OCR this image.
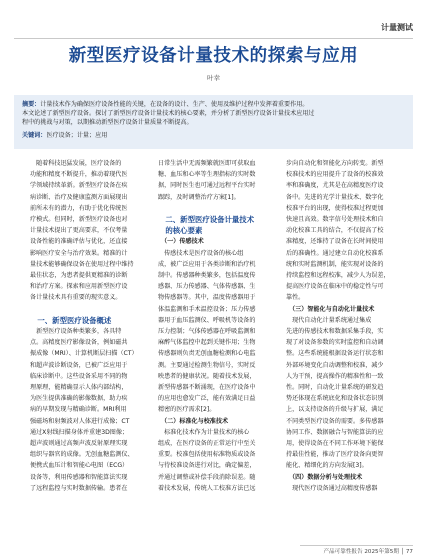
计量测试
新型医疗设备计量技术的探索与应用
叶幸
摘要：计量技术作为确保医疗设备性能的关键，在设备的设计、生产、使用及维护过程中发挥着重要作用。
本文论述了新型医疗设备。探讨了新型医疗设备计量技术的核心要素，并分析了新型医疗设备计量技术应用过
程中的挑战与对策，以期推动新型医疗设备计量质量不断提高。
关键词：医疗设备；计量；应用
　随着科技迅猛发展，医疗设备的
功能和精度不断提升，推动着现代医
学领域持续革新。新型医疗设备在疾
病诊断、治疗及健康监测方面展现出
前所未有的潜力，有助于优化传统医
疗模式。但同时，新型医疗设备也对
计量技术提出了更高要求，不仅考量
设备性能的准确评估与优化，还直接
影响医疗安全与治疗效果。精准的计
量技术能够确保设备在使用过程中维持
最佳状态，为患者提供更精准的诊断
和治疗方案。探索和应用新型医疗设
备计量技术具有重要的现实意义。

　一、新型医疗设备概述
　新型医疗设备种类繁多，各具特
点。高精度医疗影像设备，例如磁共
振成像（MRI）、计算机断层扫描（CT）
和超声波诊断设备，已被广泛应用于
临床诊断中。这些设备采用不同的物
理原理，能精确显示人体内部结构，
为医生提供准确的影像数据，助力疾
病的早期发现与精确诊断。MRI利用
强磁场和射频波对人体进行成像；CT
通过X射线扫描身体并重建3D图像；
超声波则通过高频声波反射原理实现
组织与器官的成像。无创血糖监测仪、
便携式血压计和智能心电图（ECG）
设备等，利用传感器和智能算法实现
了远程监控与实时数据传输。患者在
日常生活中无需频繁就医即可获取血
糖、血压和心率等生理指标的实时数
据，同时医生也可通过远程平台实时
跟踪，及时调整治疗方案[1]。

　二、新型医疗设备计量技术
　的核心要素
　（一）传感技术
　传感技术是医疗设备的核心组
成，被广泛应用于各类诊断和治疗机
制中。传感器种类繁多，包括温度传
感器、压力传感器、气体传感器、生
物传感器等。其中，温度传感器用于
体温监测和手术温控设备；压力传感
器用于血压监测仪、呼吸机等设备的
压力控制；气体传感器在呼吸监测和
麻醉气体监控中起到关键作用；生物
传感器则负责无创血糖检测和心电监
测。主要通过检测生物信号，实时反
映患者的健康状况。随着技术发展，
新型传感器不断涌现，在医疗设备中
的应用也愈发广泛，能有效满足日益
精密的医疗需求[2]。
　（二）标准化与校准技术
　标准化技术作为计量技术的核心
组成，在医疗设备的正常运行中至关
重要。校准包括使用标准物质或设备
与待校准设备进行对比，确定偏差，
并通过调整或补偿手段消除误差。随
着技术发展，传统人工校准方法已远
步向自动化和智能化方向转变。新型
校准技术的应用提升了设备的校准效
率和准确度，尤其是在高精度医疗设
备中。先进的光学计量技术、数字化
校准平台的出现，使得校准过程更加
快速且高效。数字信号处理技术和自
动化校准工具的结合，不仅提高了校
准精度，还维持了设备在长时间使用
后的准确性。通过建立自动化校准系
统和实时监测机制，能实现对设备的
持续监控和远程校准，减少人为误差，
提高医疗设备在临床中的稳定性与可
靠性。
　（三）智能化与自动化计量技术
　现代自动化计量系统通过集成
先进的传感技术和数据采集手段，实
现了对设备参数的实时监控和自动调
整。这些系统能根据设备运行状态和
外部环境变化自动调整和校准，减少
人为干预，提高操作的精准性和一致
性。同时，自动化计量系统的研发趋
势还体现在系统底化和设备状态识别
上，以支持设备的升级与扩展，满足
不同类型医疗设备的需要。多传感器
协同工作、数据融合与智能算法的应
用，使得设备在不同工作环境下能保
持最佳性能，推动了医疗设备向更智
能化、精细化的方向发展[3]。
　（四）数据分析与处理技术
　现代医疗设备通过高精度传感器
产品可靠性报告 2025年第5期 │ 77
